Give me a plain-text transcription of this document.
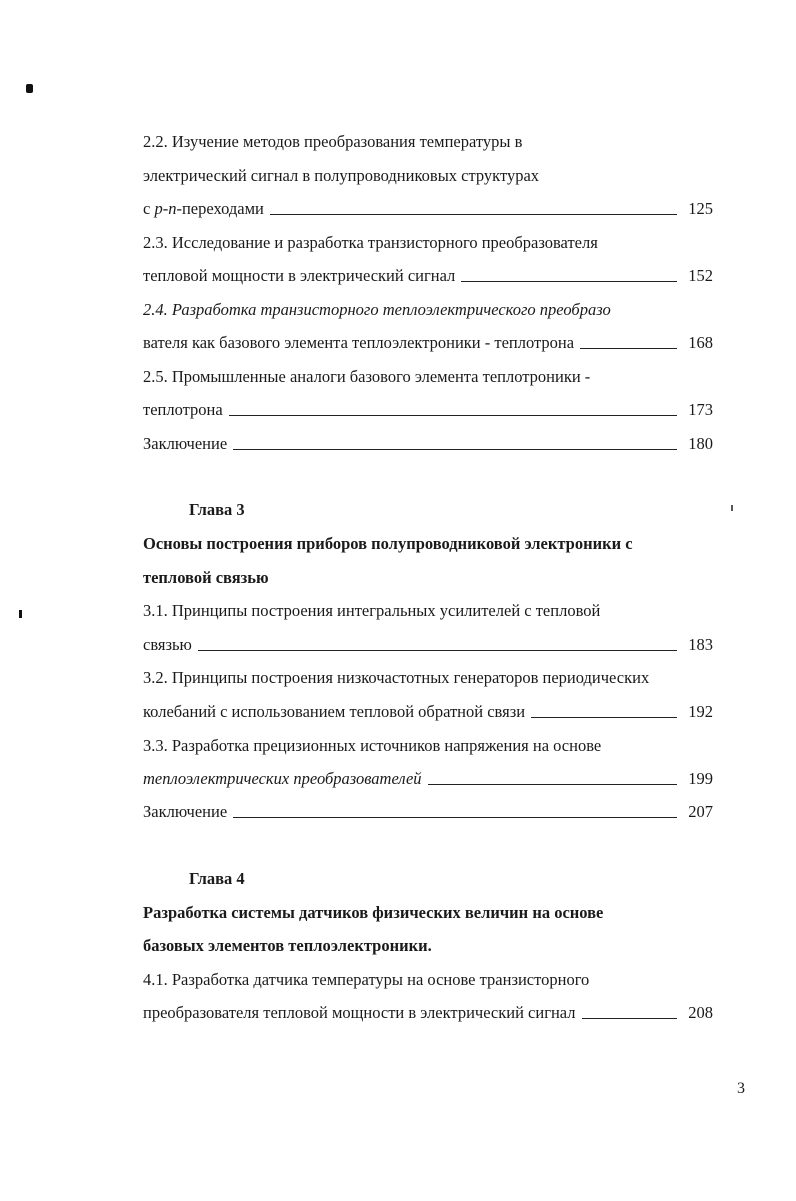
2.2. Изучение методов преобразования температуры в
электрический сигнал в полупроводниковых структурах
с p-n-переходами	125
2.3. Исследование и разработка транзисторного преобразователя
тепловой мощности в электрический сигнал	152
2.4. Разработка транзисторного теплоэлектрического преобразо
вателя как базового элемента теплоэлектроники - теплотрона	168
2.5. Промышленные аналоги базового элемента теплотроники -
теплотрона	173
Заключение	180
Глава 3
Основы построения приборов полупроводниковой электроники с
тепловой связью
3.1. Принципы построения интегральных усилителей с тепловой
связью	183
3.2. Принципы построения низкочастотных генераторов периодических
колебаний с использованием тепловой обратной связи	192
3.3. Разработка прецизионных источников напряжения на основе
теплоэлектрических преобразователей	199
Заключение	207
Глава 4
Разработка системы датчиков физических величин на основе
базовых элементов теплоэлектроники.
4.1. Разработка датчика температуры на основе транзисторного
преобразователя тепловой мощности в электрический сигнал	208
3
